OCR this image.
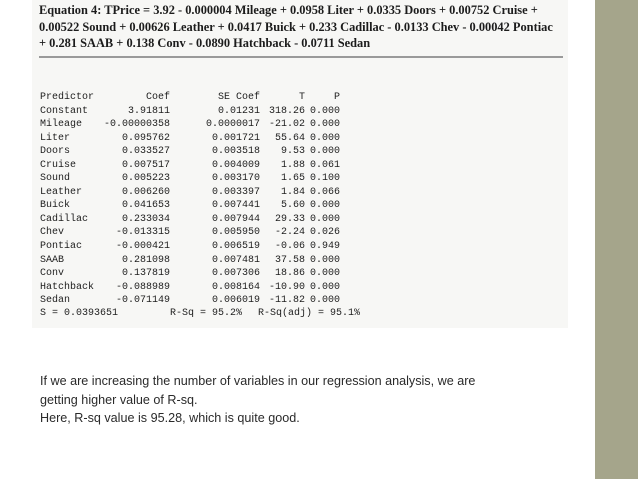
Equation 4: TPrice = 3.92 - 0.000004 Mileage + 0.0958 Liter + 0.0335 Doors + 0.00752 Cruise +
0.00522 Sound + 0.00626 Leather + 0.0417 Buick + 0.233 Cadillac - 0.0133 Chev - 0.00042 Pontiac
+ 0.281 SAAB + 0.138 Conv - 0.0890 Hatchback - 0.0711 Sedan
Predictor	Coef	SE Coef	T	P
Constant	3.91811	0.01231 318.26 0.000
Mileage -0.00000358	0.0000017 -21.02 0.000
Liter	0.095762	0.001721 55.64 0.000
Doors	0.033527	0.003518 9.53 0.000
Cruise	0.007517	0.004009 1.88 0.061
Sound	0.005223	0.003170 1.65 0.100
Leather	0.006260	0.003397 1.84 0.066
Buick	0.041653	0.007441 5.60 0.000
Cadillac	0.233034	0.007944 29.33 0.000
Chev	-0.013315	0.005950 -2.24 0.026
Pontiac	-0.000421	0.006519 -0.06 0.949
SAAB	0.281098	0.007481 37.58 0.000
Conv	0.137819	0.007306 18.86 0.000
Hatchback -0.088989	0.008164 -10.90 0.000
Sedan	-0.071149	0.006019 -11.82 0.000
S = 0.0393651	R-Sq = 95.2% R-Sq(adj) = 95.1%
If we are increasing the number of variables in our regression analysis, we are
getting higher value of R-sq.
Here, R-sq value is 95.28, which is quite good.
